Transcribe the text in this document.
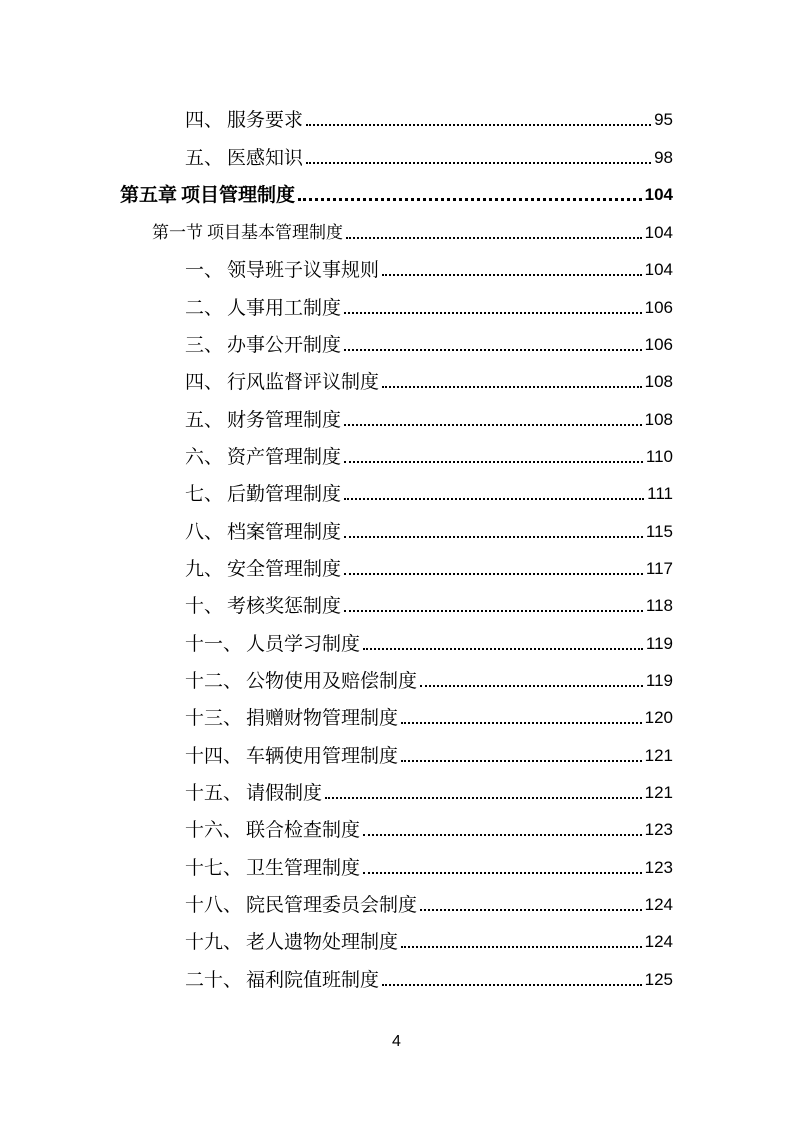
四、 服务要求	95
五、 医感知识	98
第五章 项目管理制度	104
第一节 项目基本管理制度	104
一、 领导班子议事规则	104
二、 人事用工制度	106
三、 办事公开制度	106
四、 行风监督评议制度	108
五、 财务管理制度	108
六、 资产管理制度	110
七、 后勤管理制度	111
八、 档案管理制度	115
九、 安全管理制度	117
十、 考核奖惩制度	118
十一、 人员学习制度	119
十二、 公物使用及赔偿制度	119
十三、 捐赠财物管理制度	120
十四、 车辆使用管理制度	121
十五、 请假制度	121
十六、 联合检查制度	123
十七、 卫生管理制度	123
十八、 院民管理委员会制度	124
十九、 老人遗物处理制度	124
二十、 福利院值班制度	125
4
